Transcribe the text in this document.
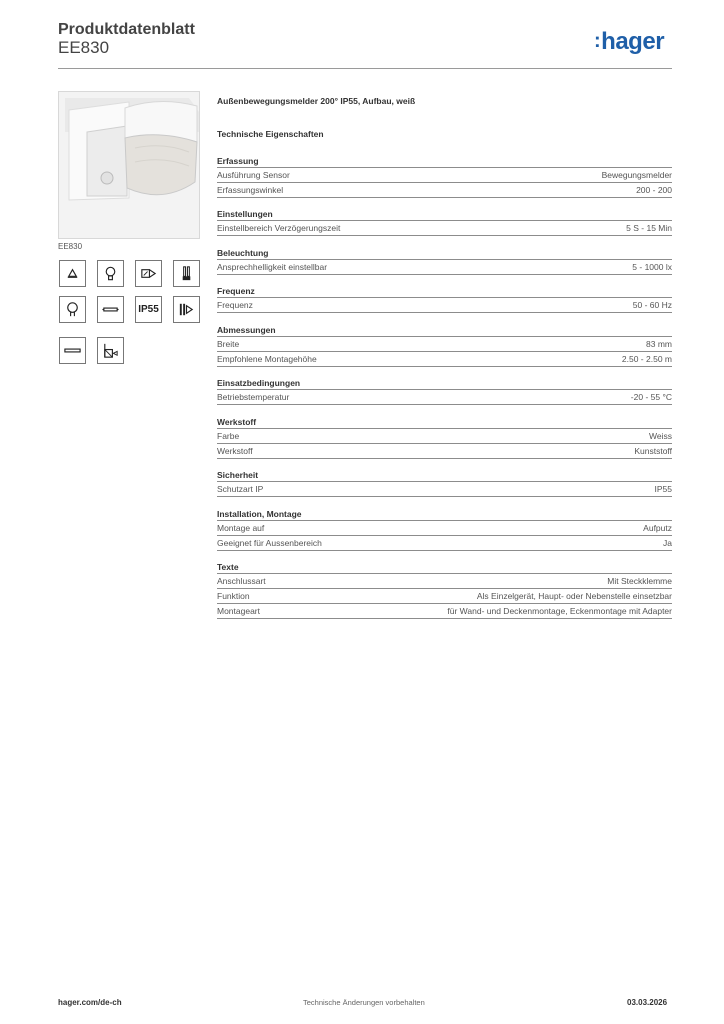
Produktdatenblatt
EE830	:hager
EE830
IP55
Außenbewegungsmelder 200° IP55, Aufbau, weiß
Technische Eigenschaften
Erfassung
Ausführung Sensor	Bewegungsmelder
Erfassungswinkel	200 - 200
Einstellungen
Einstellbereich Verzögerungszeit	5 S - 15 Min
Beleuchtung
Ansprechhelligkeit einstellbar	5 - 1000 lx
Frequenz
Frequenz	50 - 60 Hz
Abmessungen
Breite	83 mm
Empfohlene Montagehöhe	2.50 - 2.50 m
Einsatzbedingungen
Betriebstemperatur	-20 - 55 °C
Werkstoff
Farbe	Weiss
Werkstoff	Kunststoff
Sicherheit
Schutzart IP	IP55
Installation, Montage
Montage auf	Aufputz
Geeignet für Aussenbereich	Ja
Texte
Anschlussart	Mit Steckklemme
Funktion	Als Einzelgerät, Haupt- oder Nebenstelle einsetzbar
Montageart	für Wand- und Deckenmontage, Eckenmontage mit Adapter
hager.com/de-ch	Technische Änderungen vorbehalten	03.03.2026
